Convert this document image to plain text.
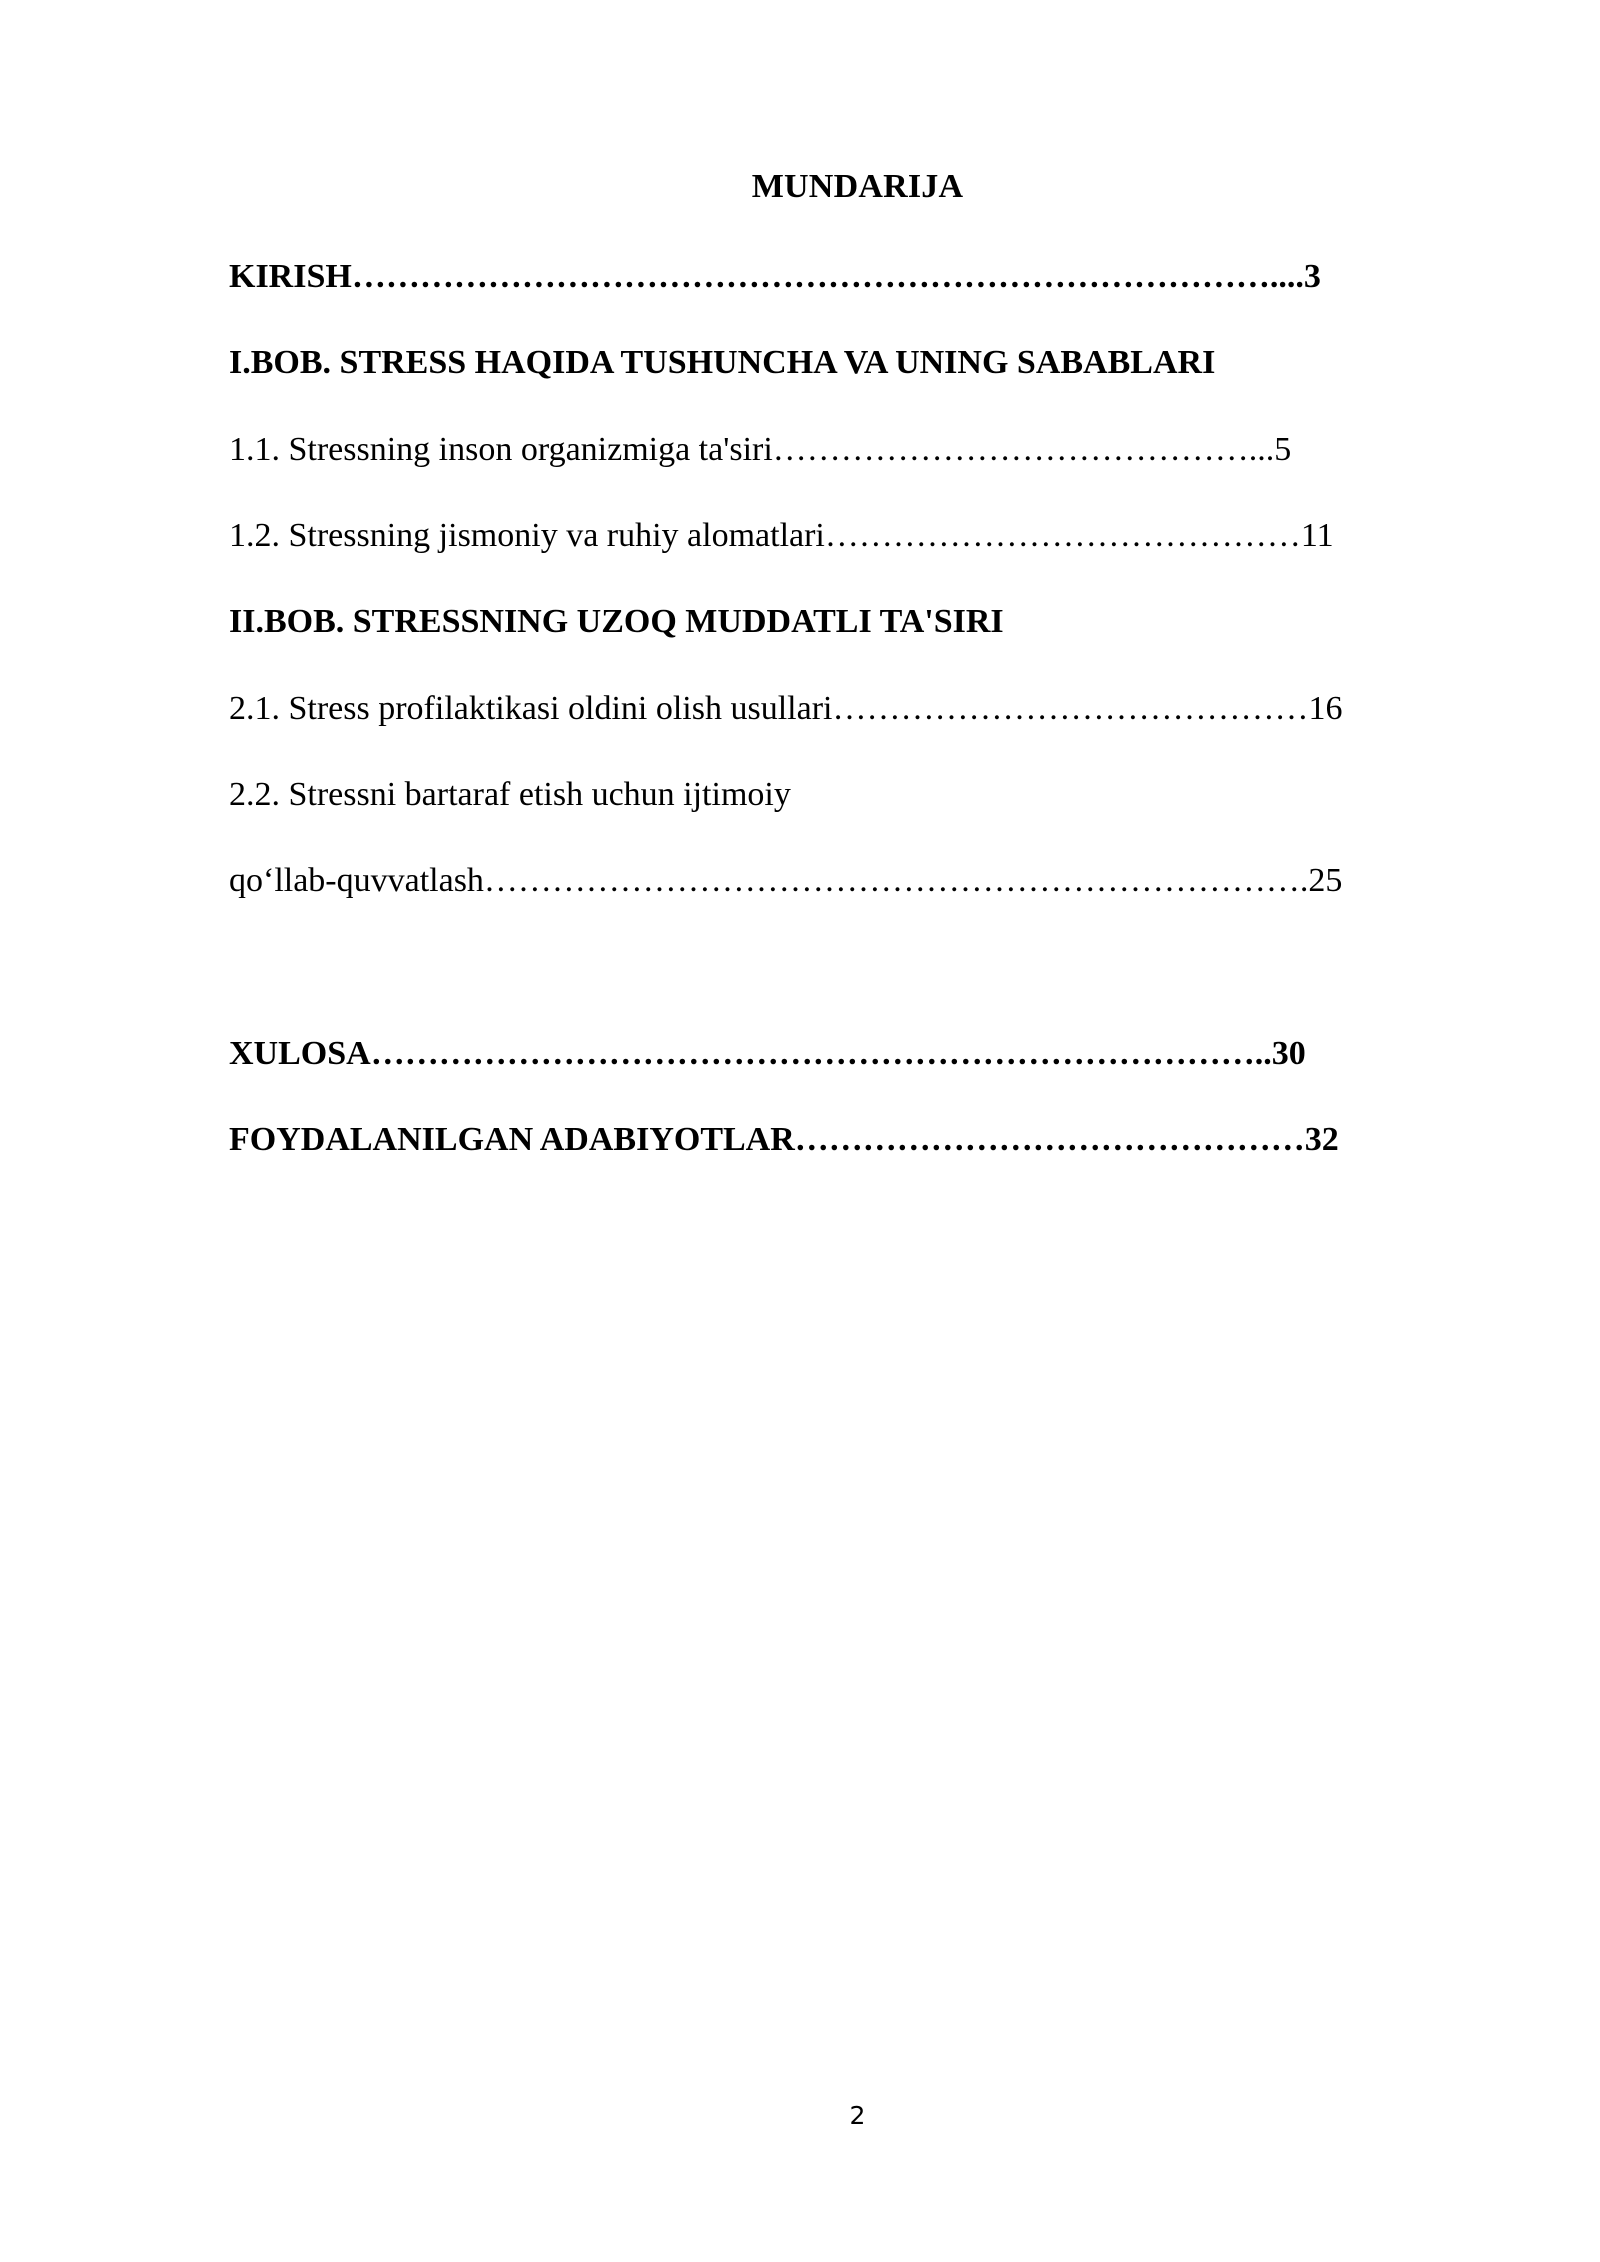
MUNDARIJA
KIRISH………………………………………………………………………....3
I.BOB. STRESS HAQIDA TUSHUNCHA VA UNING SABABLARI
1.1. Stressning inson organizmiga ta'siri……………………………………...5
1.2. Stressning jismoniy va ruhiy alomatlari……………………………………11
II.BOB. STRESSNING UZOQ MUDDATLI TA'SIRI
2.1. Stress profilaktikasi oldini olish usullari……………………………………16
2.2. Stressni bartaraf etish uchun ijtimoiy
qo‘llab-quvvatlash……………………………………………………………….25
XULOSA……………………………………………………………………..30
FOYDALANILGAN ADABIYOTLAR………………………………………32
2
